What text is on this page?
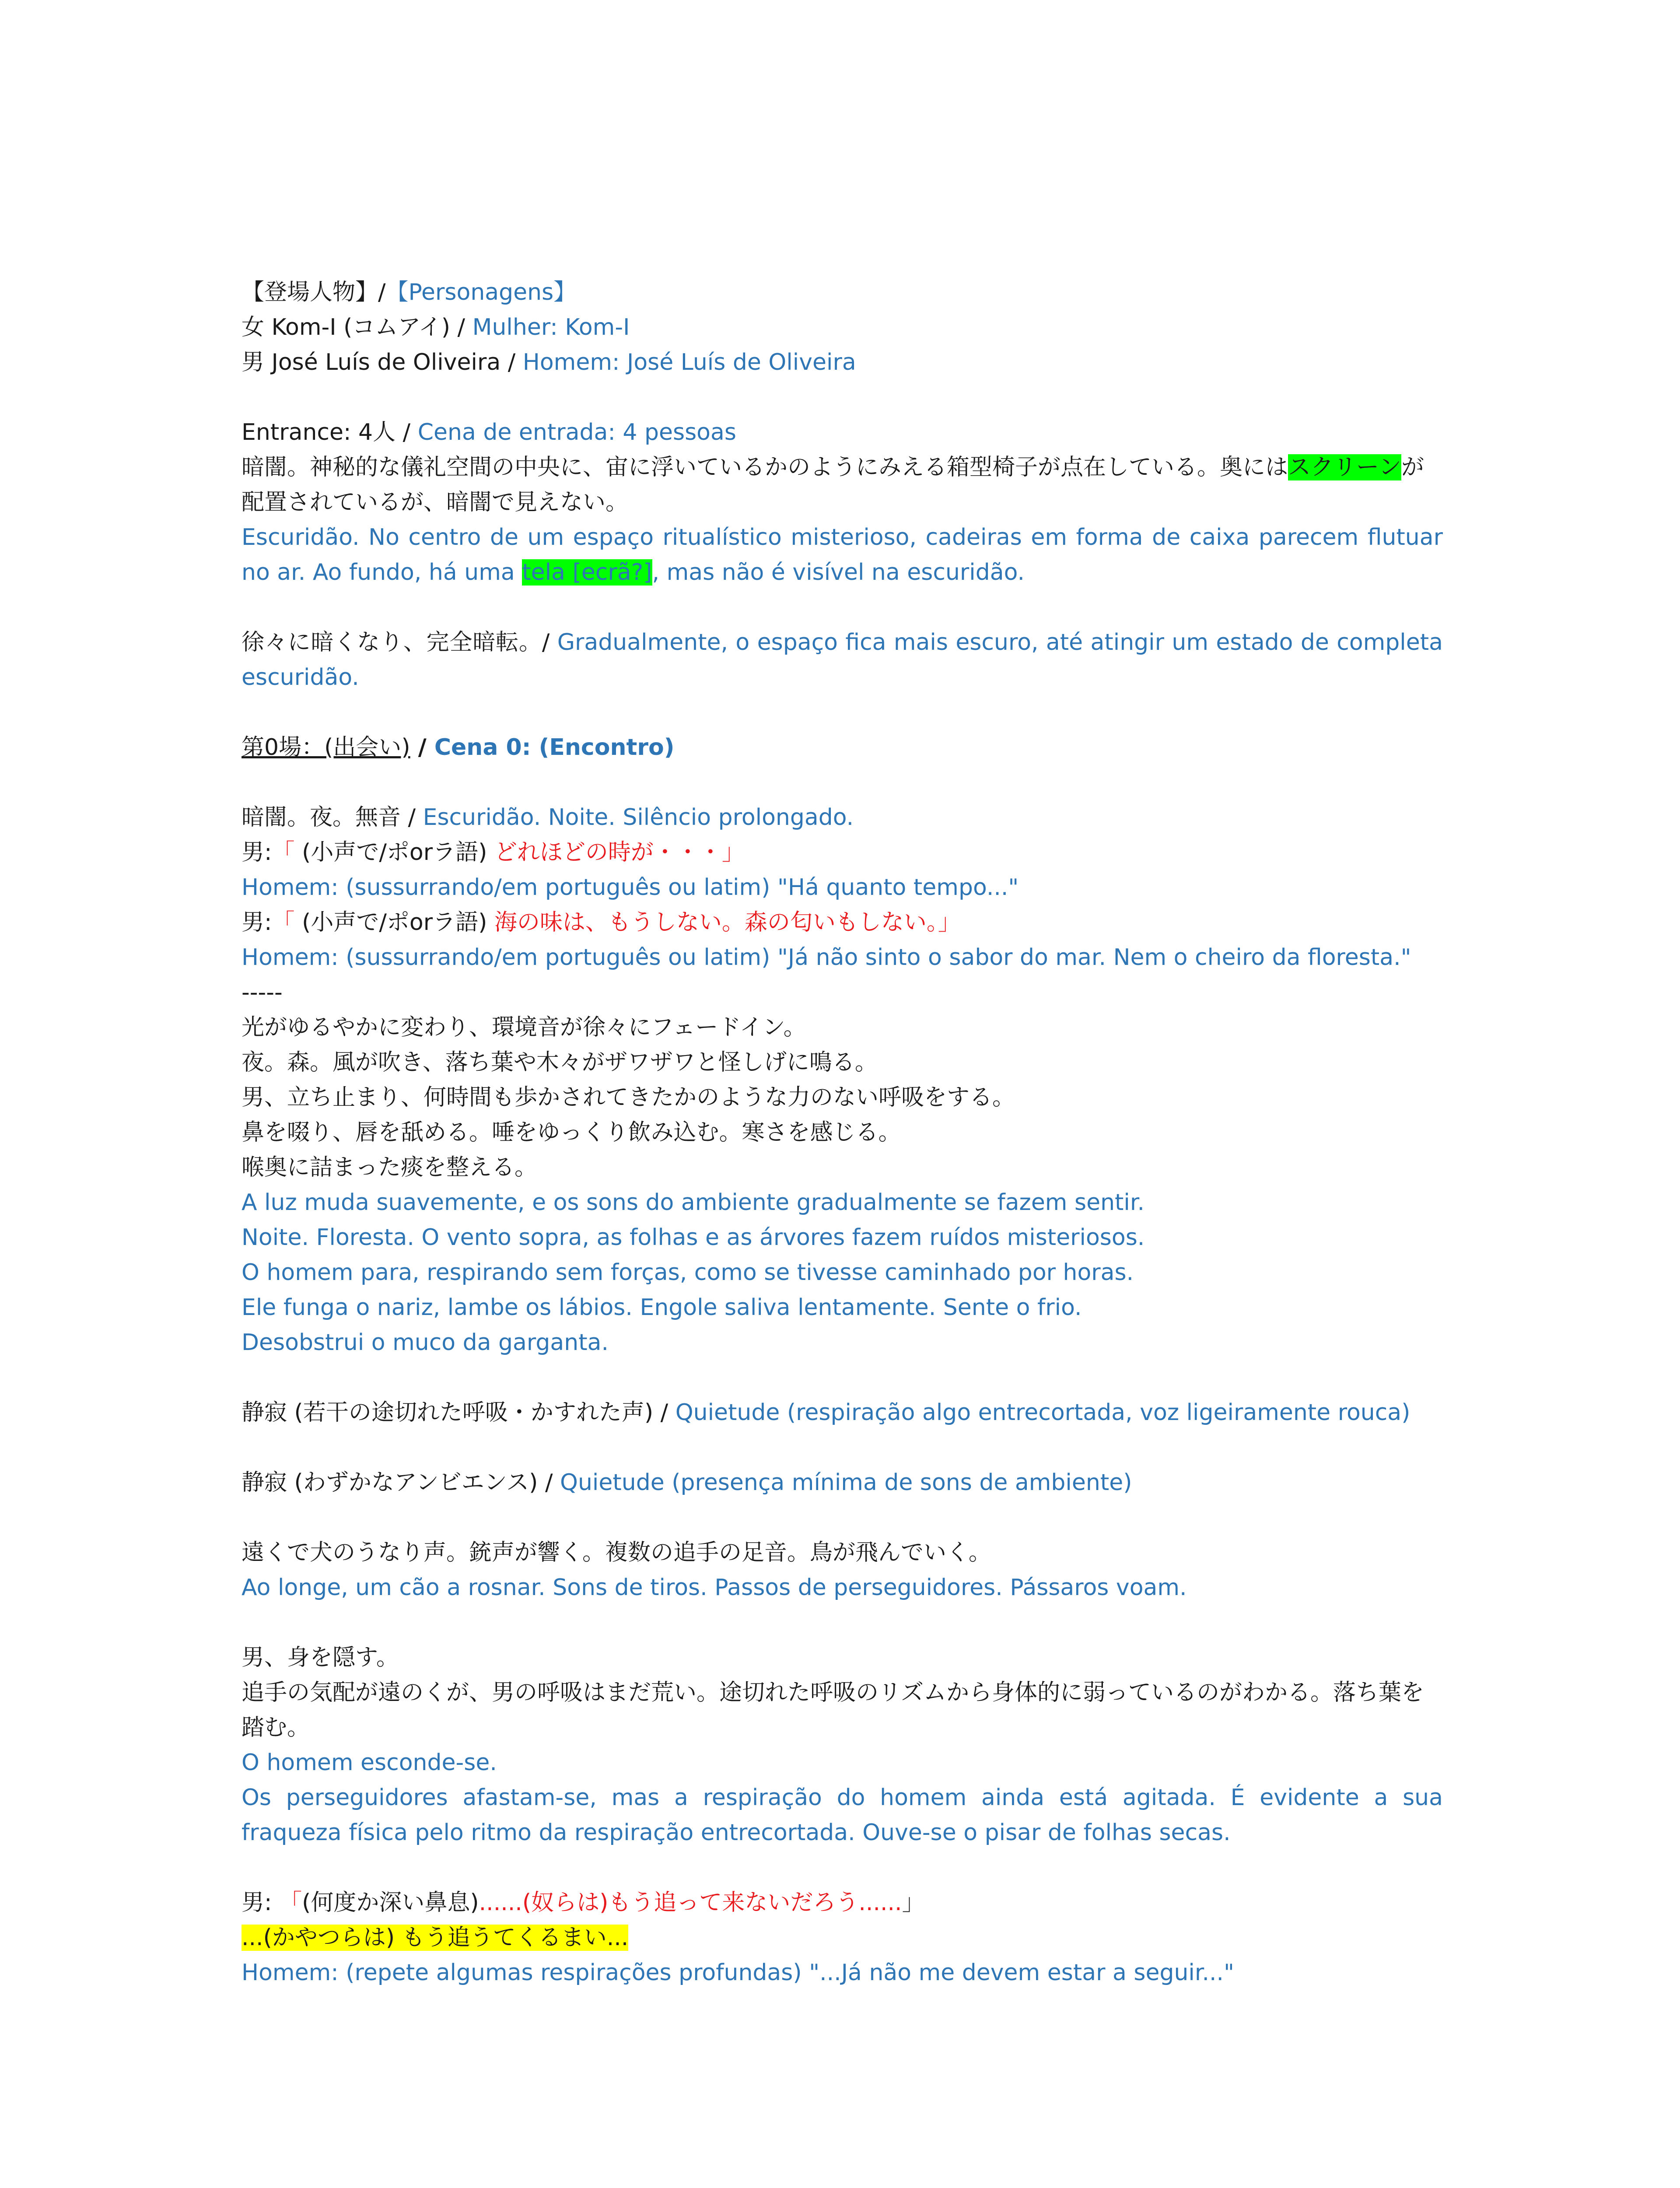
【登場人物】/【Personagens】
女 Kom-I (コムアイ) / Mulher: Kom-I
男 José Luís de Oliveira / Homem: José Luís de Oliveira
Entrance: 4人 / Cena de entrada: 4 pessoas
暗闇。神秘的な儀礼空間の中央に、宙に浮いているかのようにみえる箱型椅子が点在している。奥にはスクリーンが配置されているが、暗闇で見えない。
Escuridão. No centro de um espaço ritualístico misterioso, cadeiras em forma de caixa parecem flutuar no ar. Ao fundo, há uma tela [ecrã?], mas não é visível na escuridão.
徐々に暗くなり、完全暗転。/ Gradualmente, o espaço fica mais escuro, até atingir um estado de completa escuridão.
第0場：(出会い) / Cena 0: (Encontro)
暗闇。夜。無音 / Escuridão. Noite. Silêncio prolongado.
男:「 (小声で/ポorラ語) どれほどの時が・・・」
Homem: (sussurrando/em português ou latim) "Há quanto tempo..."
男:「 (小声で/ポorラ語) 海の味は、もうしない。森の匂いもしない。」
Homem: (sussurrando/em português ou latim) "Já não sinto o sabor do mar. Nem o cheiro da floresta."
-----
光がゆるやかに変わり、環境音が徐々にフェードイン。
夜。森。風が吹き、落ち葉や木々がザワザワと怪しげに鳴る。
男、立ち止まり、何時間も歩かされてきたかのような力のない呼吸をする。
鼻を啜り、唇を舐める。唾をゆっくり飲み込む。寒さを感じる。
喉奥に詰まった痰を整える。
A luz muda suavemente, e os sons do ambiente gradualmente se fazem sentir.
Noite. Floresta. O vento sopra, as folhas e as árvores fazem ruídos misteriosos.
O homem para, respirando sem forças, como se tivesse caminhado por horas.
Ele funga o nariz, lambe os lábios. Engole saliva lentamente. Sente o frio.
Desobstrui o muco da garganta.
静寂 (若干の途切れた呼吸・かすれた声) / Quietude (respiração algo entrecortada, voz ligeiramente rouca)
静寂 (わずかなアンビエンス) / Quietude (presença mínima de sons de ambiente)
遠くで犬のうなり声。銃声が響く。複数の追手の足音。鳥が飛んでいく。
Ao longe, um cão a rosnar. Sons de tiros. Passos de perseguidores. Pássaros voam.
男、身を隠す。
追手の気配が遠のくが、男の呼吸はまだ荒い。途切れた呼吸のリズムから身体的に弱っているのがわかる。落ち葉を踏む。
O homem esconde-se.
Os perseguidores afastam-se, mas a respiração do homem ainda está agitada. É evidente a sua fraqueza física pelo ritmo da respiração entrecortada. Ouve-se o pisar de folhas secas.
男: 「(何度か深い鼻息)......(奴らは)もう追って来ないだろう......」
...(かやつらは) もう追うてくるまい...
Homem: (repete algumas respirações profundas) "...Já não me devem estar a seguir..."
